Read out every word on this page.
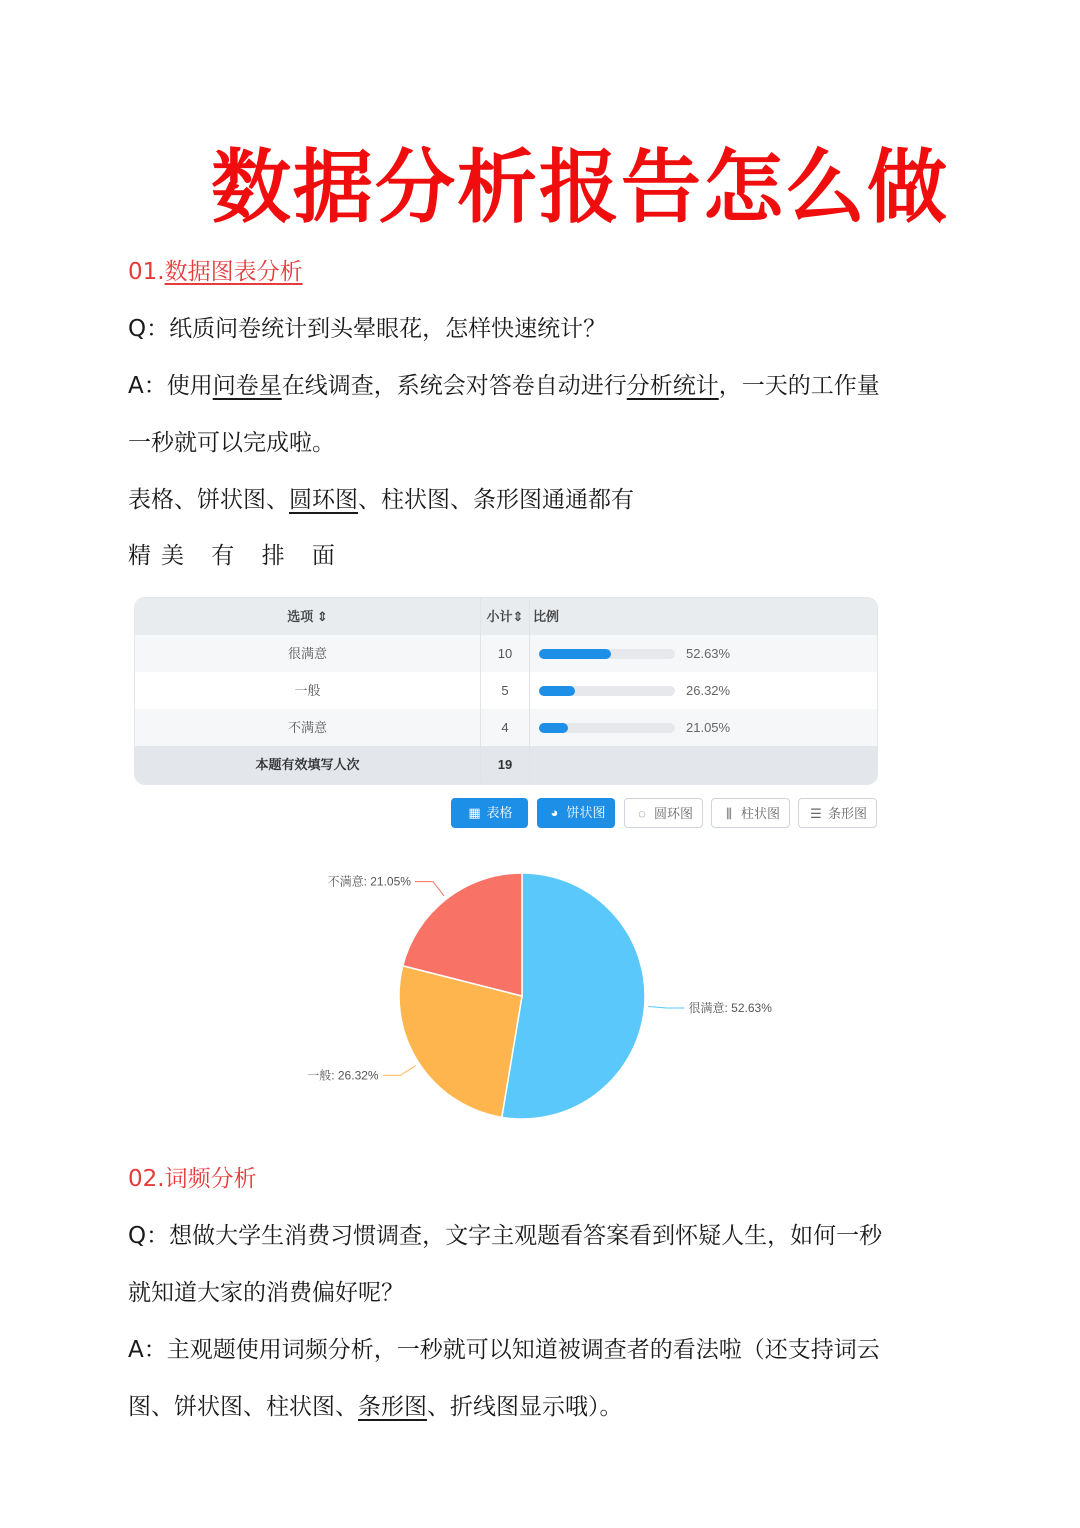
数据分析报告怎么做
01.数据图表分析
Q：纸质问卷统计到头晕眼花，怎样快速统计？
A：使用问卷星在线调查，系统会对答卷自动进行分析统计，一天的工作量
一秒就可以完成啦。
表格、饼状图、圆环图、柱状图、条形图通通都有
精美 有 排 面
选项 ⇕	小计⇕ 比例
很满意	10	52.63%
一般	5	26.32%
不满意	4	21.05%
本题有效填写人次	19
▦ 表格	◕ 饼状图	◌ 圆环图	⫼ 柱状图	☰ 条形图
很满意: 52.63%
一般: 26.32%
不满意: 21.05%
02.词频分析
Q：想做大学生消费习惯调查，文字主观题看答案看到怀疑人生，如何一秒
就知道大家的消费偏好呢？
A：主观题使用词频分析，一秒就可以知道被调查者的看法啦（还支持词云
图、饼状图、柱状图、条形图、折线图显示哦）。
